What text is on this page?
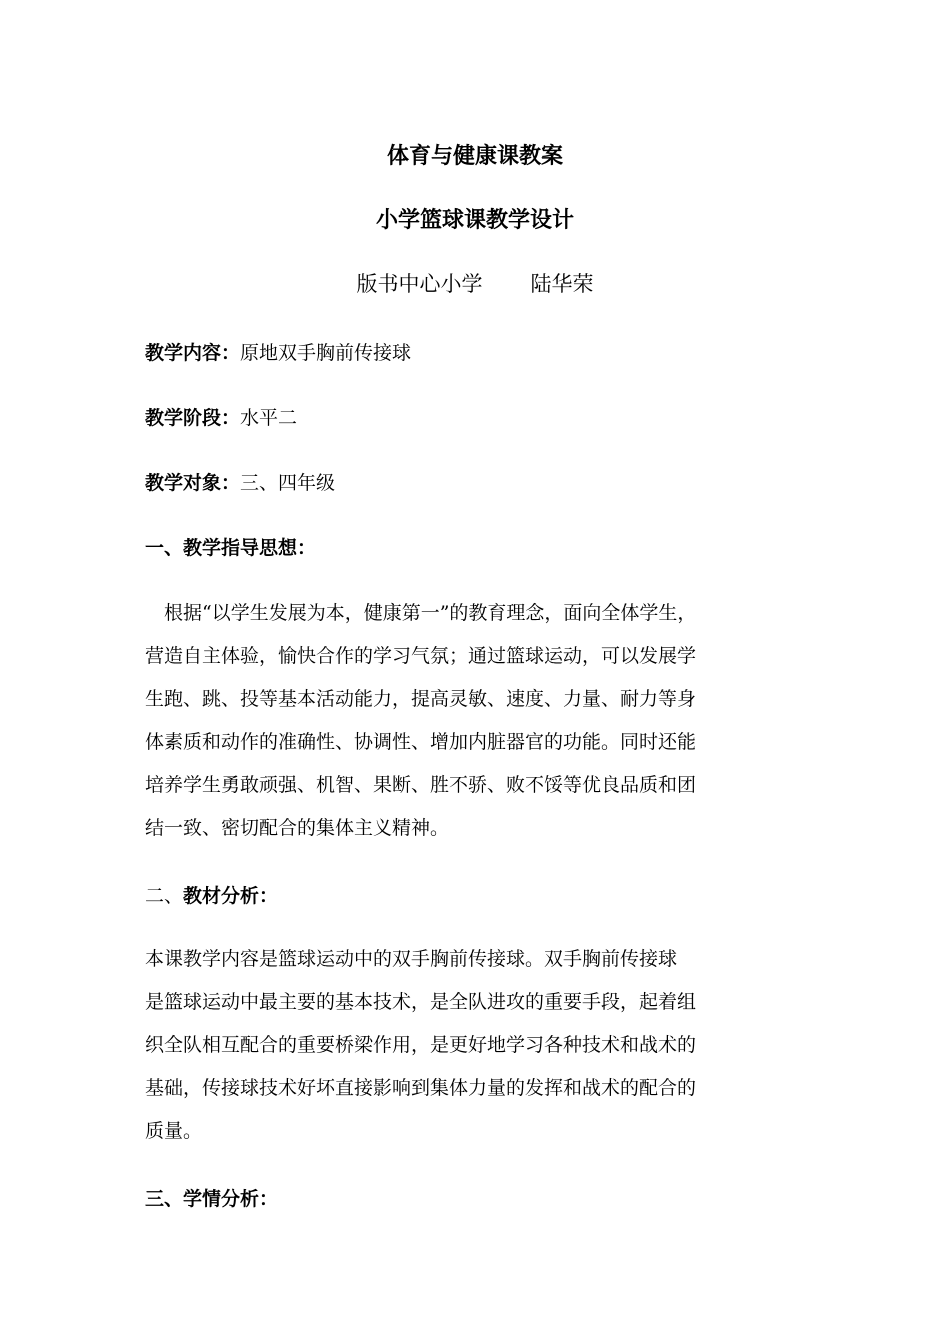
体育与健康课教案
小学篮球课教学设计
版书中心小学 陆华荣
教学内容：原地双手胸前传接球
教学阶段：水平二
教学对象：三、四年级
一、教学指导思想：
　根据“以学生发展为本，健康第一”的教育理念，面向全体学生，
营造自主体验，愉快合作的学习气氛；通过篮球运动，可以发展学
生跑、跳、投等基本活动能力，提高灵敏、速度、力量、耐力等身
体素质和动作的准确性、协调性、增加内脏器官的功能。同时还能
培养学生勇敢顽强、机智、果断、胜不骄、败不馁等优良品质和团
结一致、密切配合的集体主义精神。
二、教材分析：
本课教学内容是篮球运动中的双手胸前传接球。双手胸前传接球
是篮球运动中最主要的基本技术，是全队进攻的重要手段，起着组
织全队相互配合的重要桥梁作用，是更好地学习各种技术和战术的
基础，传接球技术好坏直接影响到集体力量的发挥和战术的配合的
质量。
三、学情分析：
